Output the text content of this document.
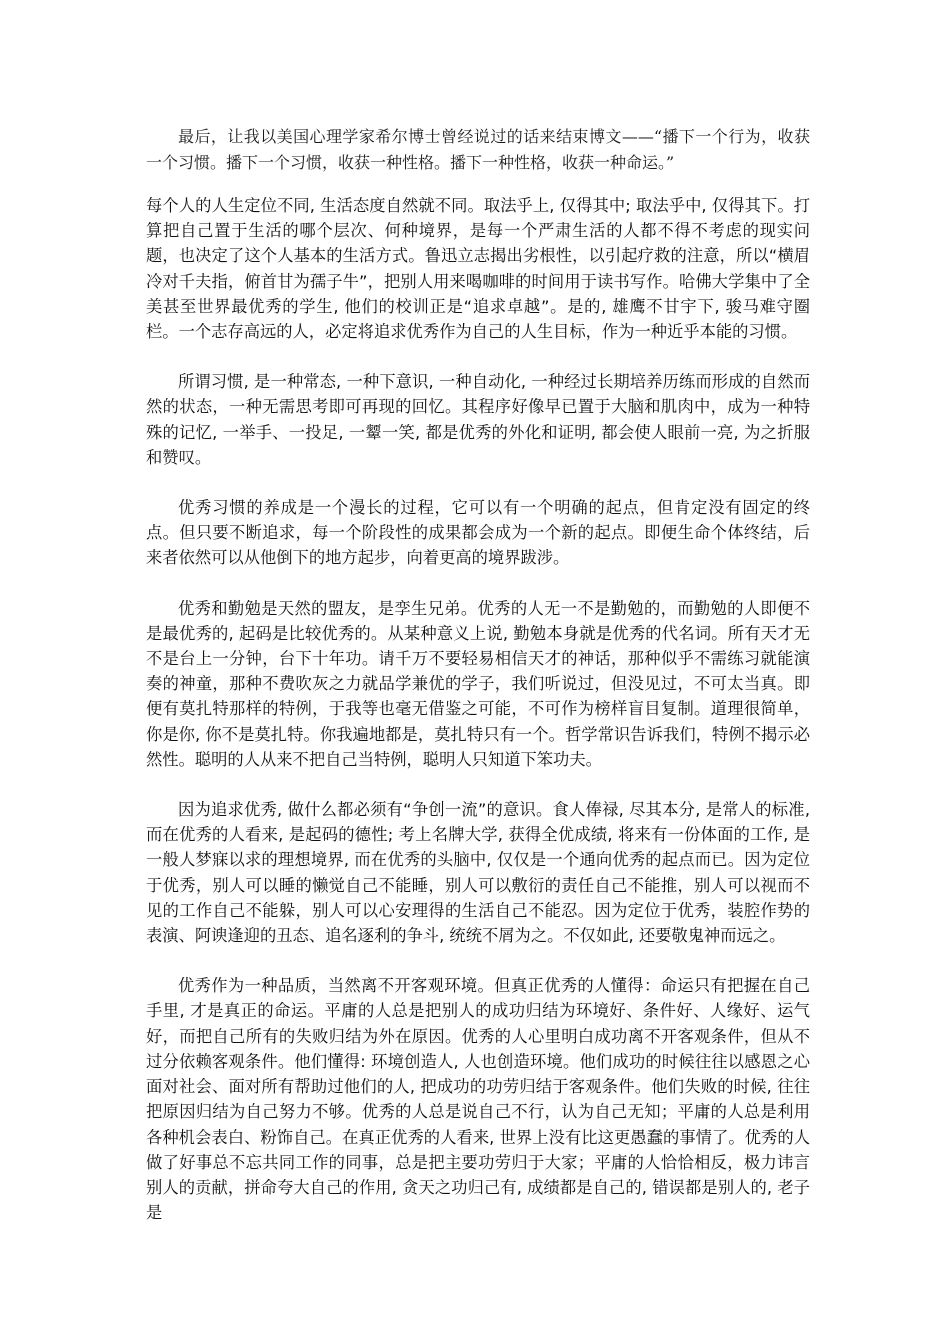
最后，让我以美国心理学家希尔博士曾经说过的话来结束博文——“播下一个行为，收获一个习惯。播下一个习惯，收获一种性格。播下一种性格，收获一种命运。”

每个人的人生定位不同, 生活态度自然就不同。取法乎上, 仅得其中; 取法乎中, 仅得其下。打算把自己置于生活的哪个层次、何种境界，是每一个严肃生活的人都不得不考虑的现实问题，也决定了这个人基本的生活方式。鲁迅立志揭出劣根性，以引起疗救的注意，所以“横眉冷对千夫指，俯首甘为孺子牛”，把别人用来喝咖啡的时间用于读书写作。哈佛大学集中了全美甚至世界最优秀的学生, 他们的校训正是“追求卓越”。是的, 雄鹰不甘宇下, 骏马难守圈栏。一个志存高远的人，必定将追求优秀作为自己的人生目标，作为一种近乎本能的习惯。

所谓习惯, 是一种常态, 一种下意识, 一种自动化, 一种经过长期培养历练而形成的自然而然的状态，一种无需思考即可再现的回忆。其程序好像早已置于大脑和肌肉中，成为一种特殊的记忆, 一举手、一投足, 一颦一笑, 都是优秀的外化和证明, 都会使人眼前一亮, 为之折服和赞叹。

优秀习惯的养成是一个漫长的过程，它可以有一个明确的起点，但肯定没有固定的终点。但只要不断追求，每一个阶段性的成果都会成为一个新的起点。即便生命个体终结，后来者依然可以从他倒下的地方起步，向着更高的境界跋涉。

优秀和勤勉是天然的盟友，是孪生兄弟。优秀的人无一不是勤勉的，而勤勉的人即便不是最优秀的, 起码是比较优秀的。从某种意义上说, 勤勉本身就是优秀的代名词。所有天才无不是台上一分钟，台下十年功。请千万不要轻易相信天才的神话，那种似乎不需练习就能演奏的神童，那种不费吹灰之力就品学兼优的学子，我们听说过，但没见过，不可太当真。即便有莫扎特那样的特例，于我等也毫无借鉴之可能，不可作为榜样盲目复制。道理很简单，你是你, 你不是莫扎特。你我遍地都是，莫扎特只有一个。哲学常识告诉我们，特例不揭示必然性。聪明的人从来不把自己当特例，聪明人只知道下笨功夫。

因为追求优秀, 做什么都必须有“争创一流”的意识。食人俸禄, 尽其本分, 是常人的标准, 而在优秀的人看来, 是起码的德性; 考上名牌大学, 获得全优成绩, 将来有一份体面的工作, 是一般人梦寐以求的理想境界, 而在优秀的头脑中, 仅仅是一个通向优秀的起点而已。因为定位于优秀，别人可以睡的懒觉自己不能睡，别人可以敷衍的责任自己不能推，别人可以视而不见的工作自己不能躲，别人可以心安理得的生活自己不能忍。因为定位于优秀，装腔作势的表演、阿谀逢迎的丑态、追名逐利的争斗, 统统不屑为之。不仅如此, 还要敬鬼神而远之。

优秀作为一种品质，当然离不开客观环境。但真正优秀的人懂得：命运只有把握在自己手里, 才是真正的命运。平庸的人总是把别人的成功归结为环境好、条件好、人缘好、运气好，而把自己所有的失败归结为外在原因。优秀的人心里明白成功离不开客观条件，但从不过分依赖客观条件。他们懂得: 环境创造人, 人也创造环境。他们成功的时候往往以感恩之心面对社会、面对所有帮助过他们的人, 把成功的功劳归结于客观条件。他们失败的时候, 往往把原因归结为自己努力不够。优秀的人总是说自己不行，认为自己无知；平庸的人总是利用各种机会表白、粉饰自己。在真正优秀的人看来, 世界上没有比这更愚蠢的事情了。优秀的人做了好事总不忘共同工作的同事，总是把主要功劳归于大家；平庸的人恰恰相反，极力讳言别人的贡献，拼命夸大自己的作用, 贪天之功归己有, 成绩都是自己的, 错误都是别人的, 老子是
